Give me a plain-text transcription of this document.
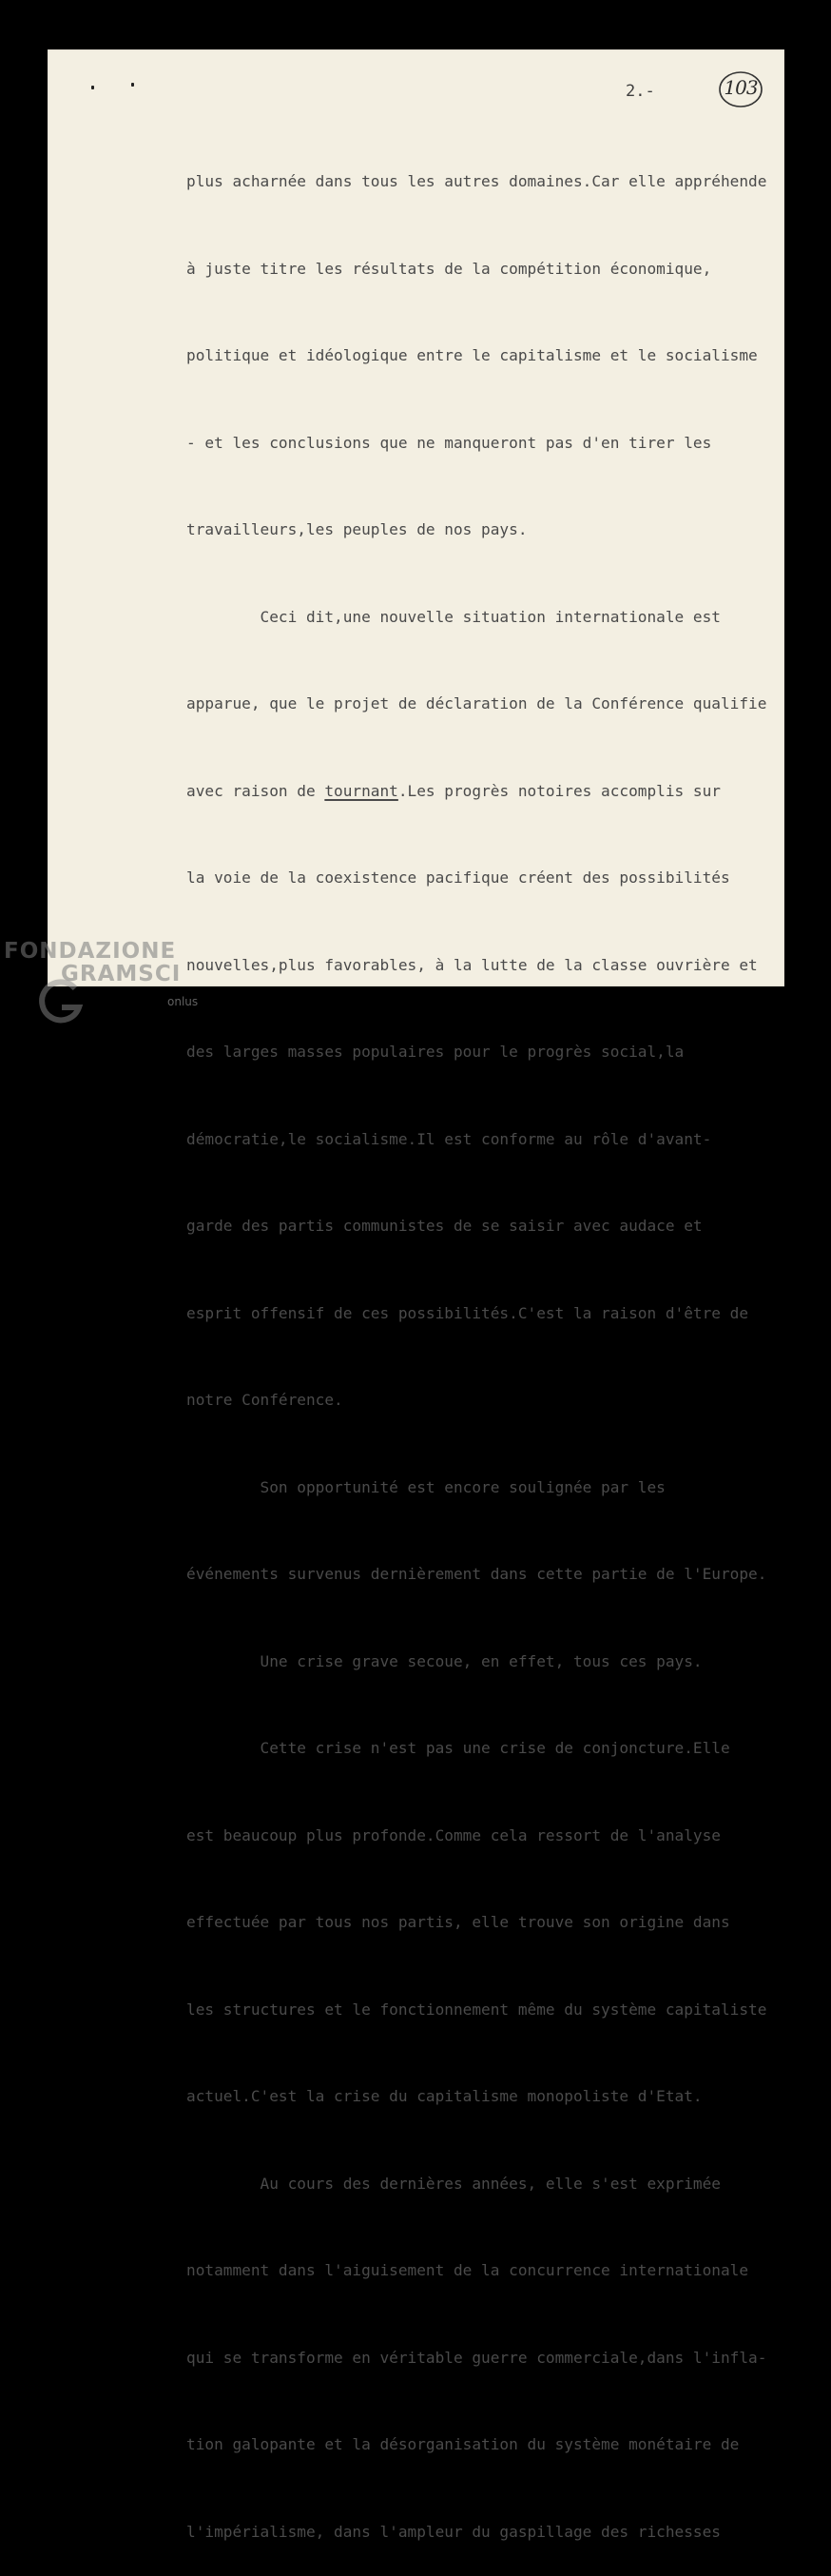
2.-	103

plus acharnée dans tous les autres domaines.Car elle appréhende

à juste titre les résultats de la compétition économique,

politique et idéologique entre le capitalisme et le socialisme

- et les conclusions que ne manqueront pas d'en tirer les

travailleurs,les peuples de nos pays.

Ceci dit,une nouvelle situation internationale est

apparue, que le projet de déclaration de la Conférence qualifie

avec raison de tournant.Les progrès notoires accomplis sur

la voie de la coexistence pacifique créent des possibilités

nouvelles,plus favorables, à la lutte de la classe ouvrière et

des larges masses populaires pour le progrès social,la

démocratie,le socialisme.Il est conforme au rôle d'avant-

garde des partis communistes de se saisir avec audace et

esprit offensif de ces possibilités.C'est la raison d'être de

notre Conférence.

Son opportunité est encore soulignée par les

événements survenus dernièrement dans cette partie de l'Europe.

Une crise grave secoue, en effet, tous ces pays.

Cette crise n'est pas une crise de conjoncture.Elle

est beaucoup plus profonde.Comme cela ressort de l'analyse

effectuée par tous nos partis, elle trouve son origine dans

les structures et le fonctionnement même du système capitaliste

actuel.C'est la crise du capitalisme monopoliste d'Etat.

Au cours des dernières années, elle s'est exprimée

notamment dans l'aiguisement de la concurrence internationale

qui se transforme en véritable guerre commerciale,dans l'infla-

tion galopante et la désorganisation du système monétaire de

l'impérialisme, dans l'ampleur du gaspillage des richesses

FONDAZIONE
GRAMSCI
onlus
